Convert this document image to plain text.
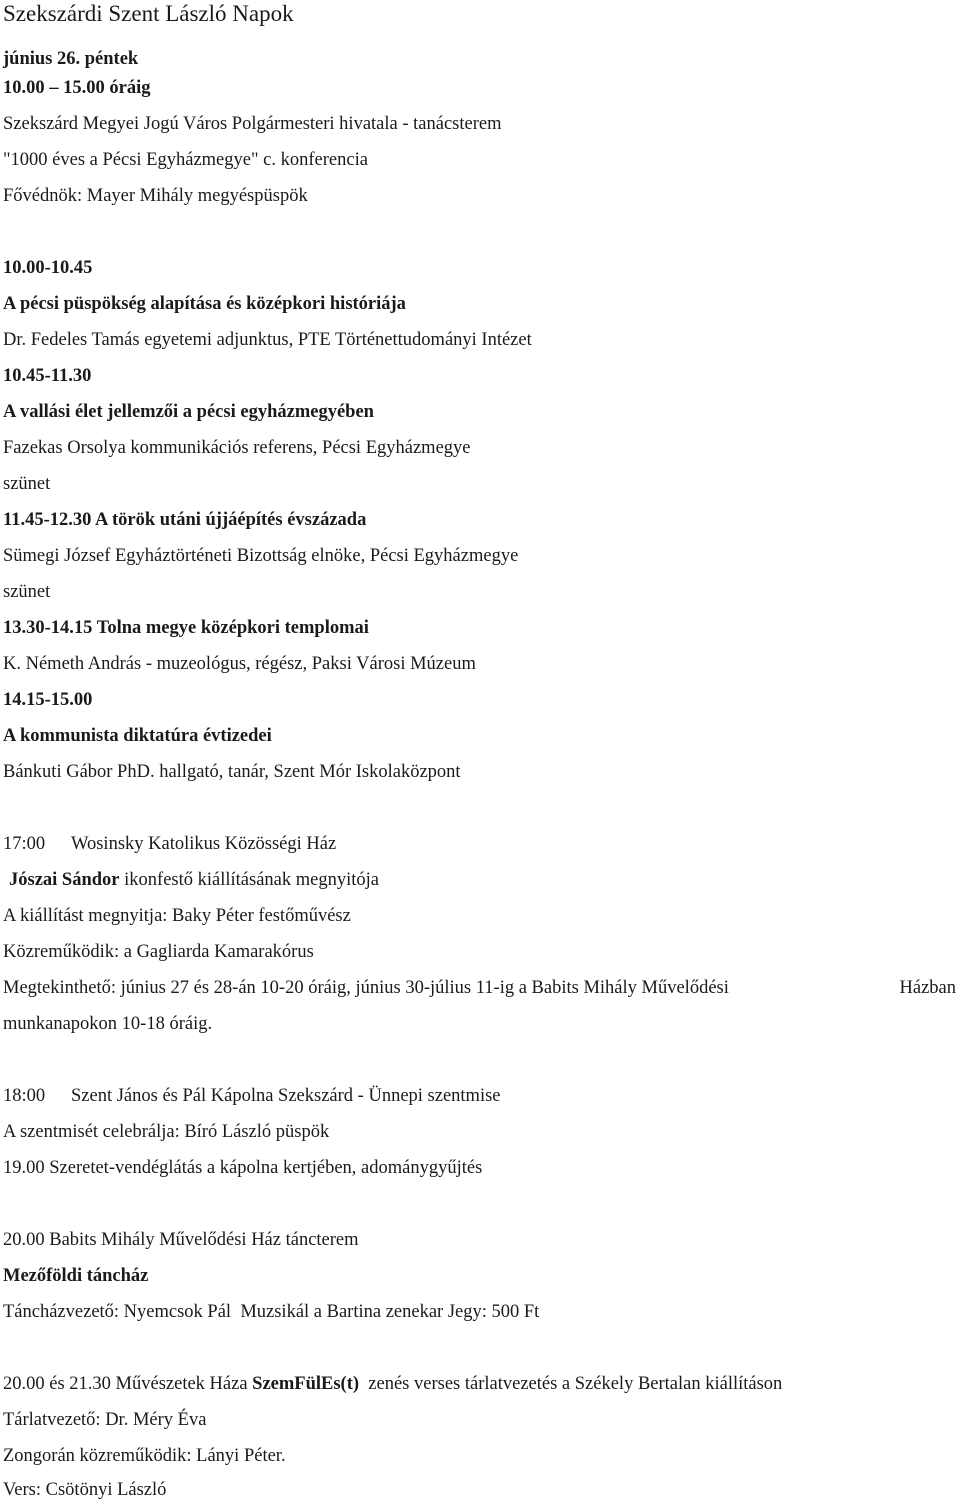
Szekszárdi Szent László Napok
június 26. péntek
10.00 – 15.00 óráig
Szekszárd Megyei Jogú Város Polgármesteri hivatala - tanácsterem
"1000 éves a Pécsi Egyházmegye" c. konferencia
Fővédnök: Mayer Mihály megyéspüspök
10.00-10.45
A pécsi püspökség alapítása és középkori históriája
Dr. Fedeles Tamás egyetemi adjunktus, PTE Történettudományi Intézet
10.45-11.30
A vallási élet jellemzői a pécsi egyházmegyében
Fazekas Orsolya kommunikációs referens, Pécsi Egyházmegye
szünet
11.45-12.30 A török utáni újjáépítés évszázada
Sümegi József Egyháztörténeti Bizottság elnöke, Pécsi Egyházmegye
szünet
13.30-14.15 Tolna megye középkori templomai
K. Németh András - muzeológus, régész, Paksi Városi Múzeum
14.15-15.00
A kommunista diktatúra évtizedei
Bánkuti Gábor PhD. hallgató, tanár, Szent Mór Iskolaközpont
17:00 Wosinsky Katolikus Közösségi Ház
Jószai Sándor ikonfestő kiállításának megnyitója
A kiállítást megnyitja: Baky Péter festőművész
Közreműködik: a Gagliarda Kamarakórus
Megtekinthető: június 27 és 28-án 10-20 óráig, június 30-július 11-ig a Babits Mihály Művelődési	Házban
munkanapokon 10-18 óráig.
18:00 Szent János és Pál Kápolna Szekszárd - Ünnepi szentmise
A szentmisét celebrálja: Bíró László püspök
19.00 Szeretet-vendéglátás a kápolna kertjében, adománygyűjtés
20.00 Babits Mihály Művelődési Ház táncterem
Mezőföldi táncház
Táncházvezető: Nyemcsok Pál  Muzsikál a Bartina zenekar Jegy: 500 Ft
20.00 és 21.30 Művészetek Háza SzemFülEs(t)  zenés verses tárlatvezetés a Székely Bertalan kiállításon
Tárlatvezető: Dr. Méry Éva
Zongorán közreműködik: Lányi Péter.
Vers: Csötönyi László
